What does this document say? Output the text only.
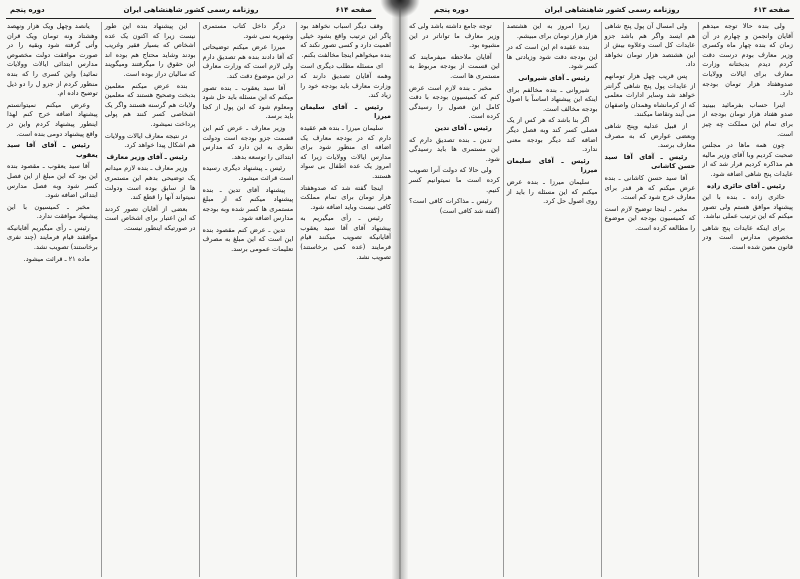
صفحه ۶۱۴
روزنامه رسمی کشور شاهنشاهی ایران
دوره پنجم

وقف دیگر اسباب نخواهد بود پاگر این ترتیب واقع بشود خیلی اهمیت دارد و کسی تصور نکند که بنده میخواهم اینجا مخالفت بکنم.

ای مسئله مطلب دیگری است وهمه آقایان تصدیق دارند که وزارت معارف باید بودجه خود را زیاد کند.

رئیس ـ آقای سلیمان میرزا

سلیمان میرزا ـ بنده هم عقیده دارم که در بودجه معارف یک اضافه ای منظور شود برای مدارس ایالات وولایات زیرا که امروز یک عده اطفال بی سواد هستند.

اینجا گفته شد که صدوهفتاد هزار تومان برای تمام مملکت کافی نیست وباید اضافه شود.

رئیس ـ رأی میگیریم به پیشنهاد آقای آقا سید یعقوب آقایانیکه تصویب میکنند قیام فرمایند (عده کمی برخاستند) تصویب نشد.

درگر داخل کتاب مستمری وشهریه نمی شود.

میرزا عرض میکنم توضیحاتی که آقا دادند بنده هم تصدیق دارم ولی لازم است که وزارت معارف در این موضوع دقت کند.

آقا سید یعقوب ـ بنده تصور میکنم که این مسئله باید حل شود ومعلوم شود که این پول از کجا باید برسد.

وزیر معارف ـ عرض کنم این قسمت جزو بودجه است ودولت نظری به این دارد که مدارس ابتدائی را توسعه بدهد.

رئیس ـ پیشنهاد دیگری رسیده است قرائت میشود.

پیشنهاد آقای تدین ـ بنده پیشنهاد میکنم که از مبلغ مستمری ها کسر شده وبه بودجه مدارس اضافه شود.

تدین ـ عرض کنم مقصود بنده این است که این مبلغ به مصرف تعلیمات عمومی برسد.

این پیشنهاد بنده این طور نیست زیرا که اکنون یک عده اشخاص که بسیار فقیر وغریب بودند وشاید محتاج هم بوده اند این حقوق را میگرفتند ومیگویند که سالیان دراز بوده است.

بنده عرض میکنم معلمین بدبخت وصحیح هستند که معلمین ولایات هم گرسنه هستند واگر یک اشخاصی کسر کنند هم پولی پرداخت نمیشود.

در نتیجه معارف ایالات وولایات هم اشکال پیدا خواهد کرد.

رئیس ـ آقای وزیر معارف

وزیر معارف ـ بنده لازم میدانم یک توضیحی بدهم این مستمری ها از سابق بوده است ودولت نمیتواند آنها را قطع کند.

بعضی از آقایان تصور کردند که این اعتبار برای اشخاص است در صورتیکه اینطور نیست.

یانصد وچهل ویک هزار ونهصد وهشتاد ونه تومان ویک قران وأتی گرفته شود وبقیه را در صورت موافقت دولت مخصوص مدارس ابتدائی ایالات وولایات نمائید) واین کسری را که بنده منظور کردم از جزو ل را دو ذیل توضیح داده ام.

وعرض میکنم نمیتوانستم پیشنهاد اضافه خرج کنم لهذا اینطور پیشنهاد کردم واین در واقع پیشنهاد دومی بنده است.

رئیس ـ آقای آقا سید یعقوب

آقا سید یعقوب ـ مقصود بنده این بود که این مبلغ از این فصل کسر شود وبه فصل مدارس ابتدائی اضافه شود.

مخبر ـ کمیسیون با این پیشنهاد موافقت ندارد.

رئیس ـ رأی میگیریم آقایانیکه موافقند قیام فرمایند (چند نفری برخاستند) تصویب نشد.

ماده ۲۱ ـ قرائت میشود.

صفحه ۶۱۳
روزنامه رسمی کشور شاهنشاهی ایران
دوره پنجم

ولی بنده حالا توجه میدهم آقایان وانجمن و چهارم در آن زمان که بنده چهار ماه وکسری وزیر معارف بودم درست دقت کردم دیدم بدبختانه وزارت معارف برای ایالات وولایات صدوهفتاد هزار تومان بودجه دارد.

اینرا حساب بفرمائید ببینید صدو هفتاد هزار تومان بودجه از برای تمام این مملکت چه چیز است.

چون همه ماها در مجلس صحبت کردیم وبا آقای وزیر مالیه هم مذاکره کردیم قرار شد که از عایدات پنج شاهی اضافه شود.

رئیس ـ آقای حائری زاده

حائری زاده ـ بنده با این پیشنهاد موافق هستم ولی تصور میکنم که این ترتیب عملی نباشد.

برای اینکه عایدات پنج شاهی مخصوص مدارس است ودر قانون معین شده است.

ولی امسال آن پول پنج شاهی هم ایسد واگر هم باشد جزو عایدات کل است وعلاوه بیش از این هشتصد هزار تومان نخواهد داد.

پس قریب چهل هزار تومانهم از عایدات پول پنج شاهی گرانتر خواهد شد وسایر ادارات معلمی که از کرمانشاه وهمدان واصفهان می آیند وتقاضا میکنند.

از قبیل عدلیه وپنج شاهی وبعضی عوارض که به مصرف معارف برسد.

رئیس ـ آقای آقا سید حسن کاشانی

آقا سید حسن کاشانی ـ بنده عرض میکنم که هر قدر برای معارف خرج شود کم است.

مخبر ـ اینجا توضیح لازم است که کمیسیون بودجه این موضوع را مطالعه کرده است.

زیرا امروز به این هشتصد هزار هزار تومان برای مبیشم.

بنده عقیده ام این است که در این بودجه دقت شود وزیادتی ها کسر شود.

رئیس ـ آقای شیروانی

شیروانی ـ بنده مخالفم برای اینکه این پیشنهاد اساساً با اصول بودجه مخالف است.

اگر بنا باشد که هر کس از یک فصلی کسر کند وبه فصل دیگر اضافه کند دیگر بودجه معنی ندارد.

رئیس ـ آقای سلیمان میرزا

سلیمان میرزا ـ بنده عرض میکنم که این مسئله را باید از روی اصول حل کرد.

توجه جامع داشته باشد ولی که وزیر معارف ما تواناتر در این مشیوه بود.

آقایان ملاحظه میفرمایند که این قسمت از بودجه مربوط به مستمری ها است.

مخبر ـ بنده لازم است عرض کنم که کمیسیون بودجه با دقت کامل این فصول را رسیدگی کرده است.

رئیس ـ آقای تدین

تدین ـ بنده تصدیق دارم که این مستمری ها باید رسیدگی شود.

ولی حالا که دولت آنرا تصویب کرده است ما نمیتوانیم کسر کنیم.

رئیس ـ مذاکرات کافی است؟ (گفته شد کافی است)
